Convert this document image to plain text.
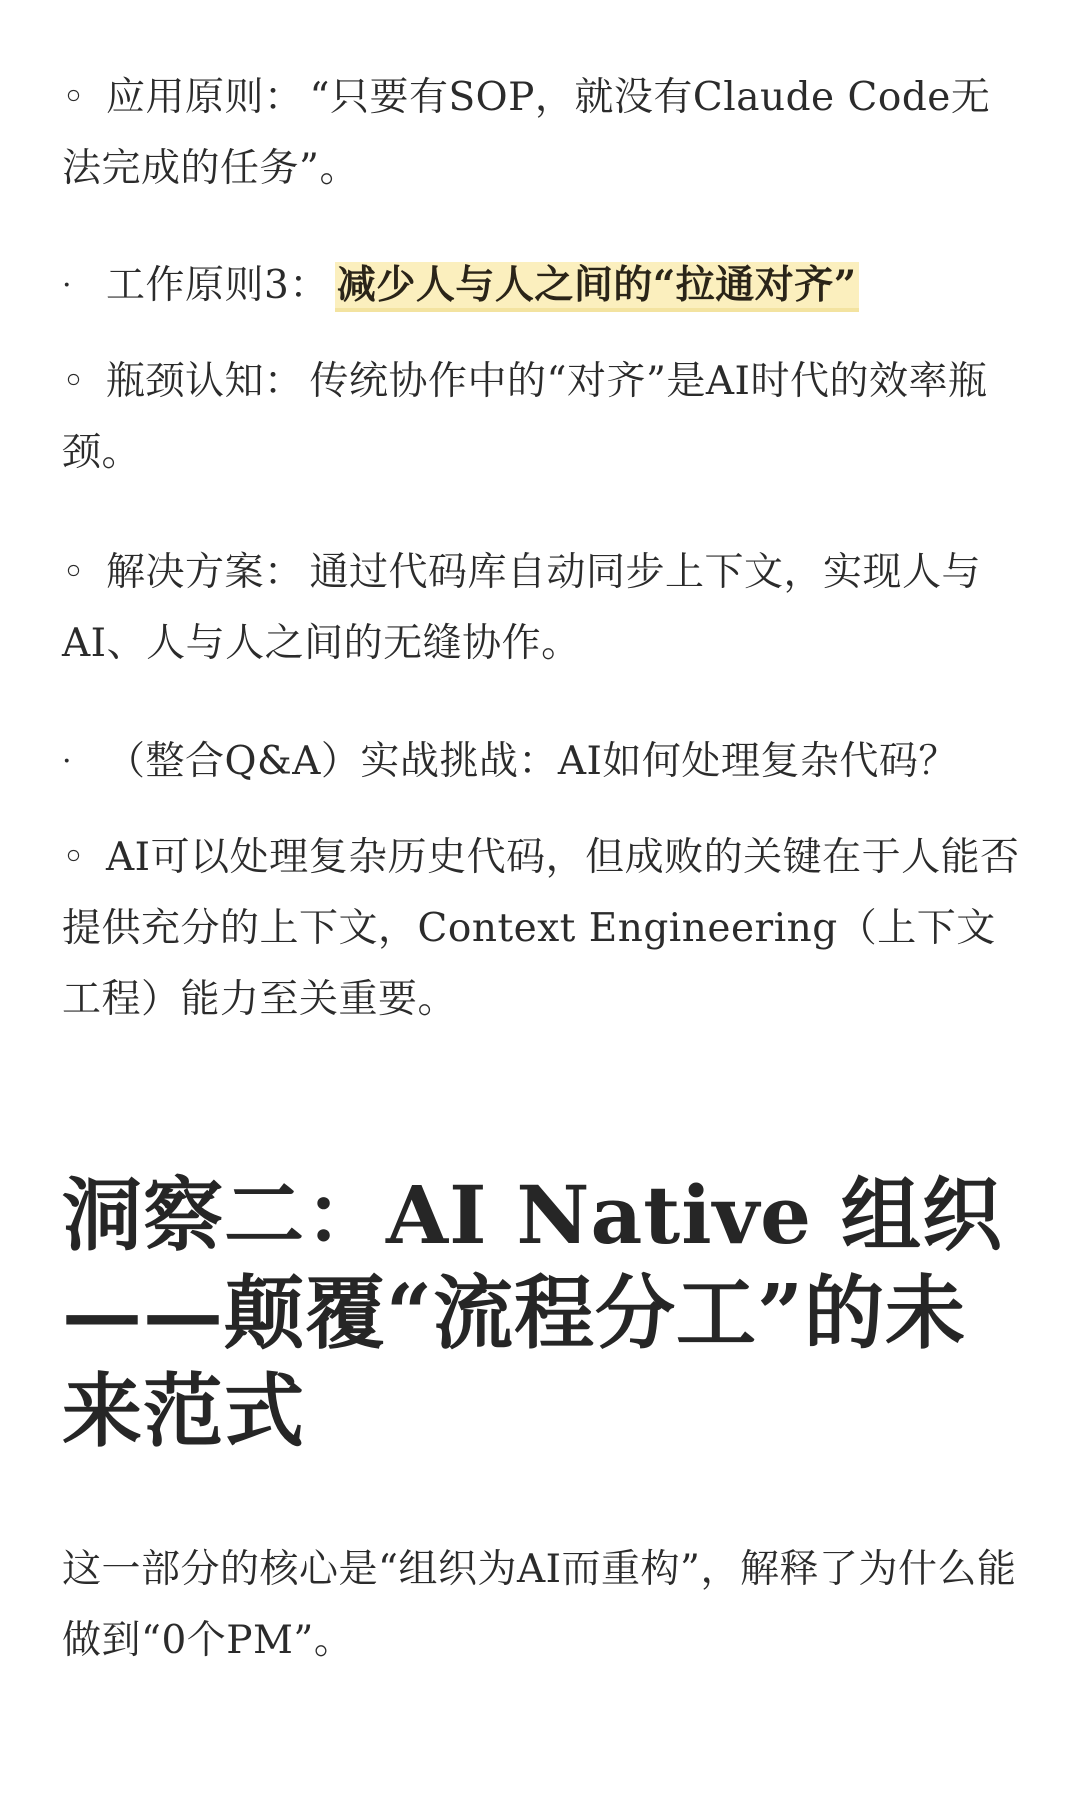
◦ 应用原则： “只要有SOP，就没有Claude Code无法完成的任务”。
· 工作原则3： 减少人与人之间的“拉通对齐”
◦ 瓶颈认知： 传统协作中的“对齐”是AI时代的效率瓶颈。
◦ 解决方案： 通过代码库自动同步上下文，实现人与AI、人与人之间的无缝协作。
· （整合Q&A）实战挑战：AI如何处理复杂代码？
◦ AI可以处理复杂历史代码，但成败的关键在于人能否提供充分的上下文，Context Engineering（上下文工程）能力至关重要。
洞察二：AI Native 组织——颠覆“流程分工”的未来范式

这一部分的核心是“组织为AI而重构”，解释了为什么能做到“0个PM”。
